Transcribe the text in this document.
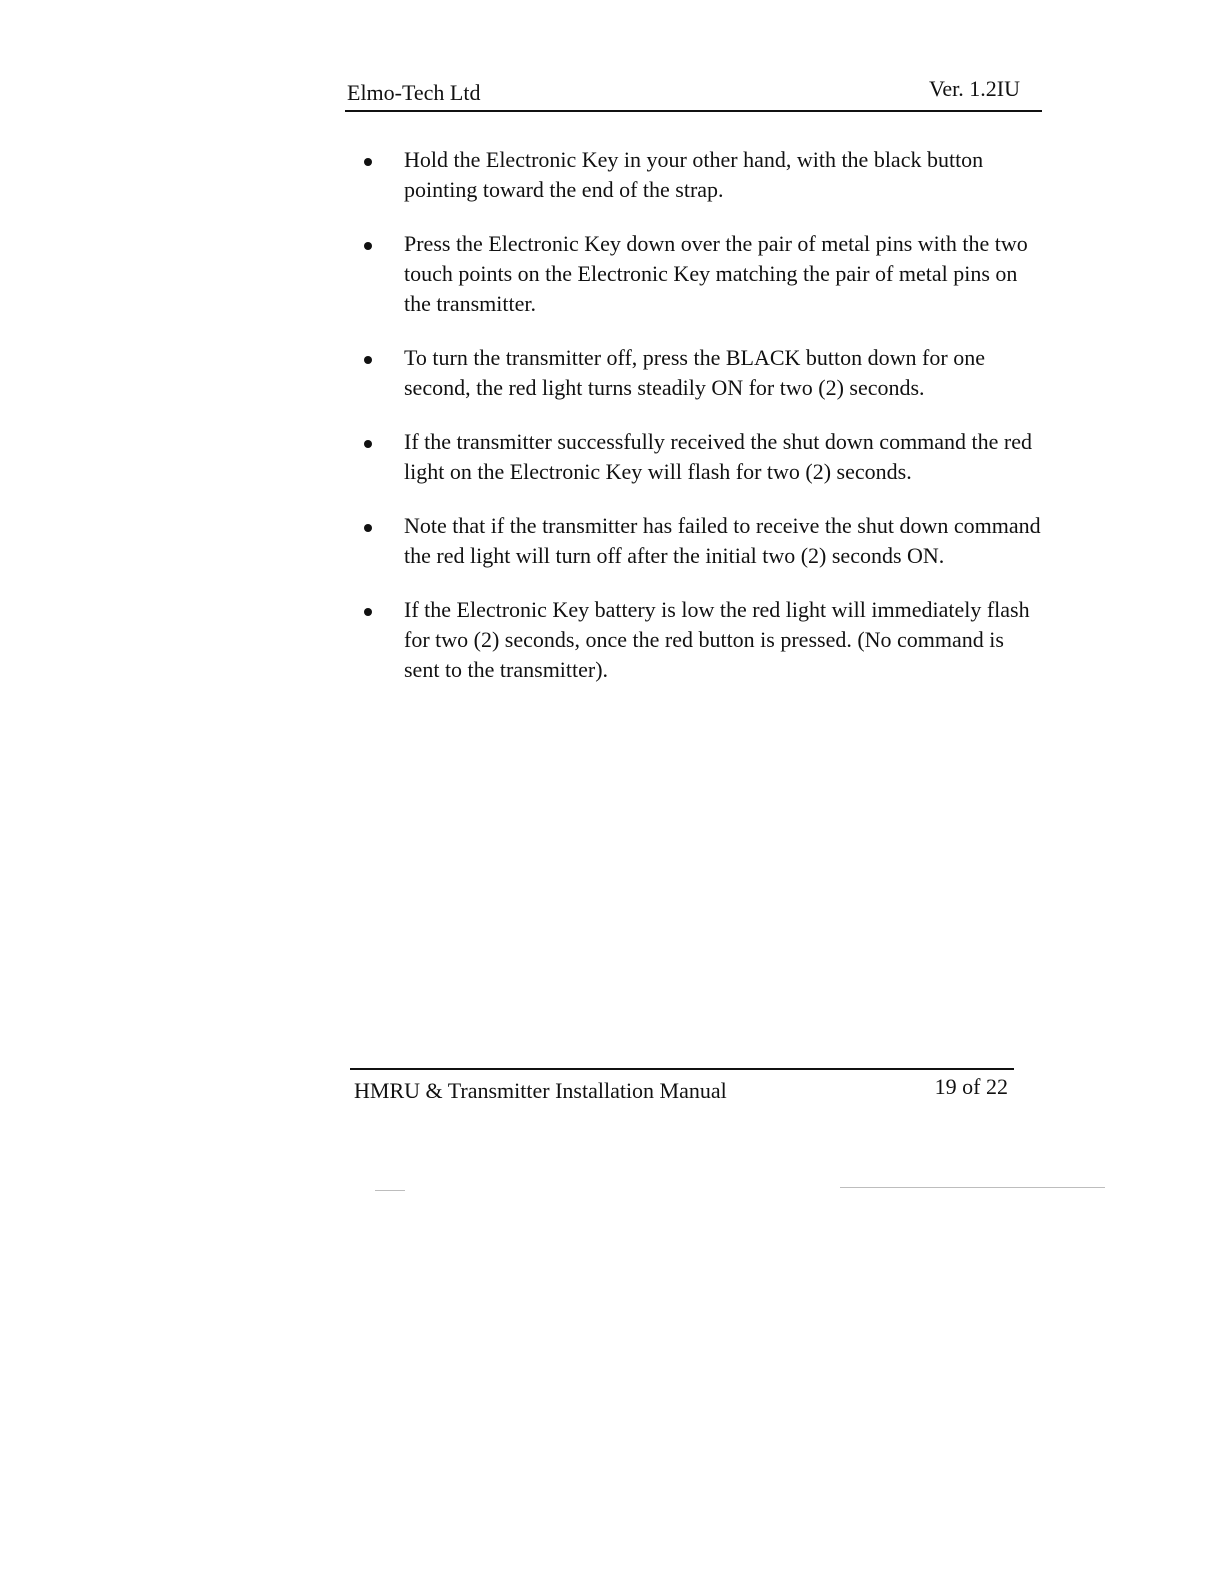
Elmo-Tech Ltd	Ver. 1.2IU
Hold the Electronic Key in your other hand, with the black button pointing toward the end of the strap.
Press the Electronic Key down over the pair of metal pins with the two touch points on the Electronic Key matching the pair of metal pins on the transmitter.
To turn the transmitter off, press the BLACK button down for one second, the red light turns steadily ON for two (2) seconds.
If the transmitter successfully received the shut down command the red light on the Electronic Key will flash for two (2) seconds.
Note that if the transmitter has failed to receive the shut down command the red light will turn off after the initial two (2) seconds ON.
If the Electronic Key battery is low the red light will immediately flash for two (2) seconds, once the red button is pressed. (No command is sent to the transmitter).
HMRU & Transmitter Installation Manual	19 of 22
